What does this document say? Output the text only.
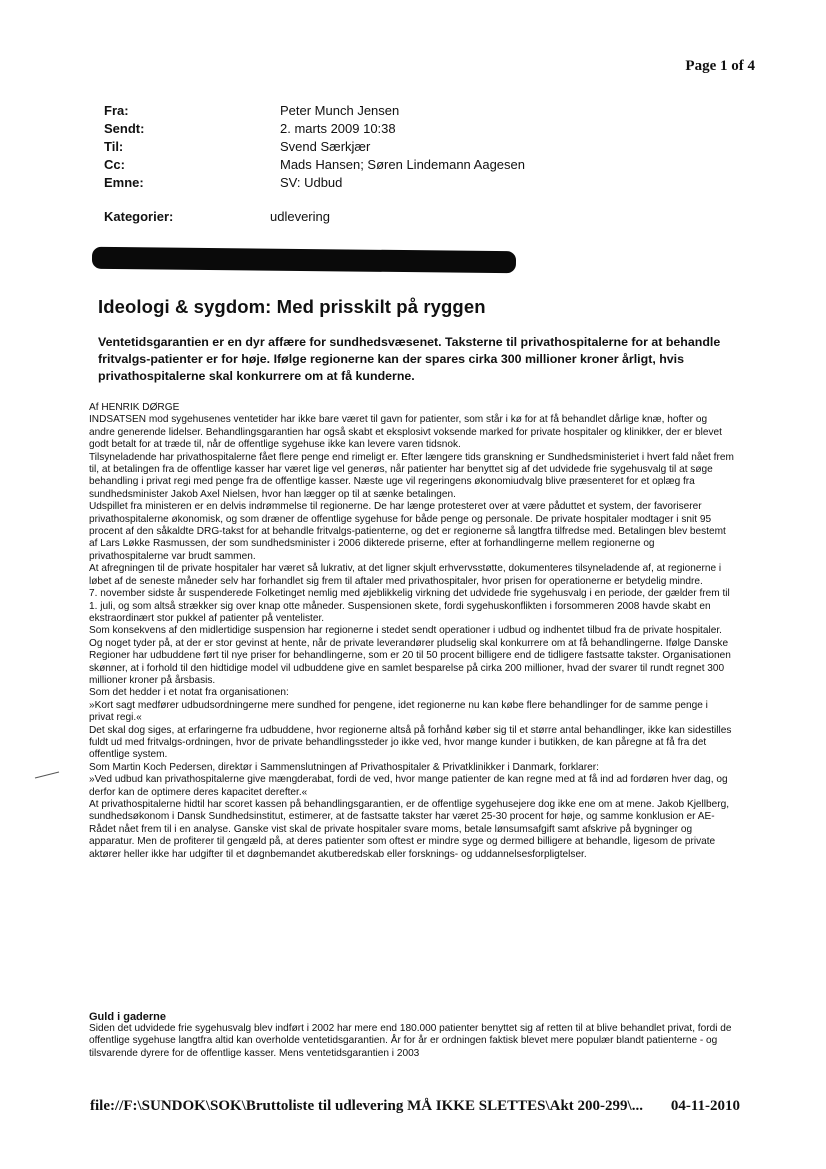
Page 1 of 4
Fra:	Peter Munch Jensen
Sendt:	2. marts 2009 10:38
Til:	Svend Særkjær
Cc:	Mads Hansen; Søren Lindemann Aagesen
Emne:	SV: Udbud
Kategorier:	udlevering
Ideologi & sygdom: Med prisskilt på ryggen

Ventetidsgarantien er en dyr affære for sundhedsvæsenet. Taksterne til privathospitalerne for at behandle fritvalgs-patienter er for høje. Ifølge regionerne kan der spares cirka 300 millioner kroner årligt, hvis privathospitalerne skal konkurrere om at få kunderne.

Af HENRIK DØRGE

INDSATSEN mod sygehusenes ventetider har ikke bare været til gavn for patienter, som står i kø for at få behandlet dårlige knæ, hofter og andre generende lidelser. Behandlingsgarantien har også skabt et eksplosivt voksende marked for private hospitaler og klinikker, der er blevet godt betalt for at træde til, når de offentlige sygehuse ikke kan levere varen tidsnok.

Tilsyneladende har privathospitalerne fået flere penge end rimeligt er. Efter længere tids granskning er Sundhedsministeriet i hvert fald nået frem til, at betalingen fra de offentlige kasser har været lige vel generøs, når patienter har benyttet sig af det udvidede frie sygehusvalg til at søge behandling i privat regi med penge fra de offentlige kasser. Næste uge vil regeringens økonomiudvalg blive præsenteret for et oplæg fra sundhedsminister Jakob Axel Nielsen, hvor han lægger op til at sænke betalingen.

Udspillet fra ministeren er en delvis indrømmelse til regionerne. De har længe protesteret over at være påduttet et system, der favoriserer privathospitalerne økonomisk, og som dræner de offentlige sygehuse for både penge og personale. De private hospitaler modtager i snit 95 procent af den såkaldte DRG-takst for at behandle fritvalgs-patienterne, og det er regionerne så langtfra tilfredse med. Betalingen blev bestemt af Lars Løkke Rasmussen, der som sundhedsminister i 2006 dikterede priserne, efter at forhandlingerne mellem regionerne og privathospitalerne var brudt sammen.

At afregningen til de private hospitaler har været så lukrativ, at det ligner skjult erhvervsstøtte, dokumenteres tilsyneladende af, at regionerne i løbet af de seneste måneder selv har forhandlet sig frem til aftaler med privathospitaler, hvor prisen for operationerne er betydelig mindre.

7. november sidste år suspenderede Folketinget nemlig med øjeblikkelig virkning det udvidede frie sygehusvalg i en periode, der gælder frem til 1. juli, og som altså strækker sig over knap otte måneder. Suspensionen skete, fordi sygehuskonflikten i forsommeren 2008 havde skabt en ekstraordinært stor pukkel af patienter på ventelister.

Som konsekvens af den midlertidige suspension har regionerne i stedet sendt operationer i udbud og indhentet tilbud fra de private hospitaler. Og noget tyder på, at der er stor gevinst at hente, når de private leverandører pludselig skal konkurrere om at få behandlingerne. Ifølge Danske Regioner har udbuddene ført til nye priser for behandlingerne, som er 20 til 50 procent billigere end de tidligere fastsatte takster. Organisationen skønner, at i forhold til den hidtidige model vil udbuddene give en samlet besparelse på cirka 200 millioner, hvad der svarer til rundt regnet 300 millioner kroner på årsbasis.

Som det hedder i et notat fra organisationen:

»Kort sagt medfører udbudsordningerne mere sundhed for pengene, idet regionerne nu kan købe flere behandlinger for de samme penge i privat regi.«

Det skal dog siges, at erfaringerne fra udbuddene, hvor regionerne altså på forhånd køber sig til et større antal behandlinger, ikke kan sidestilles fuldt ud med fritvalgs-ordningen, hvor de private behandlingssteder jo ikke ved, hvor mange kunder i butikken, de kan påregne at få fra det offentlige system.

Som Martin Koch Pedersen, direktør i Sammenslutningen af Privathospitaler & Privatklinikker i Danmark, forklarer:

»Ved udbud kan privathospitalerne give mængderabat, fordi de ved, hvor mange patienter de kan regne med at få ind ad fordøren hver dag, og derfor kan de optimere deres kapacitet derefter.«

At privathospitalerne hidtil har scoret kassen på behandlingsgarantien, er de offentlige sygehusejere dog ikke ene om at mene. Jakob Kjellberg, sundhedsøkonom i Dansk Sundhedsinstitut, estimerer, at de fastsatte takster har været 25-30 procent for høje, og samme konklusion er AE-Rådet nået frem til i en analyse. Ganske vist skal de private hospitaler svare moms, betale lønsumsafgift samt afskrive på bygninger og apparatur. Men de profiterer til gengæld på, at deres patienter som oftest er mindre syge og dermed billigere at behandle, ligesom de private aktører heller ikke har udgifter til et døgnbemandet akutberedskab eller forsknings- og uddannelsesforpligtelser.

Guld i gaderne

Siden det udvidede frie sygehusvalg blev indført i 2002 har mere end 180.000 patienter benyttet sig af retten til at blive behandlet privat, fordi de offentlige sygehuse langtfra altid kan overholde ventetidsgarantien. År for år er ordningen faktisk blevet mere populær blandt patienterne - og tilsvarende dyrere for de offentlige kasser. Mens ventetidsgarantien i 2003

file://F:\SUNDOK\SOK\Bruttoliste til udlevering MÅ IKKE SLETTES\Akt 200-299\... 04-11-2010
